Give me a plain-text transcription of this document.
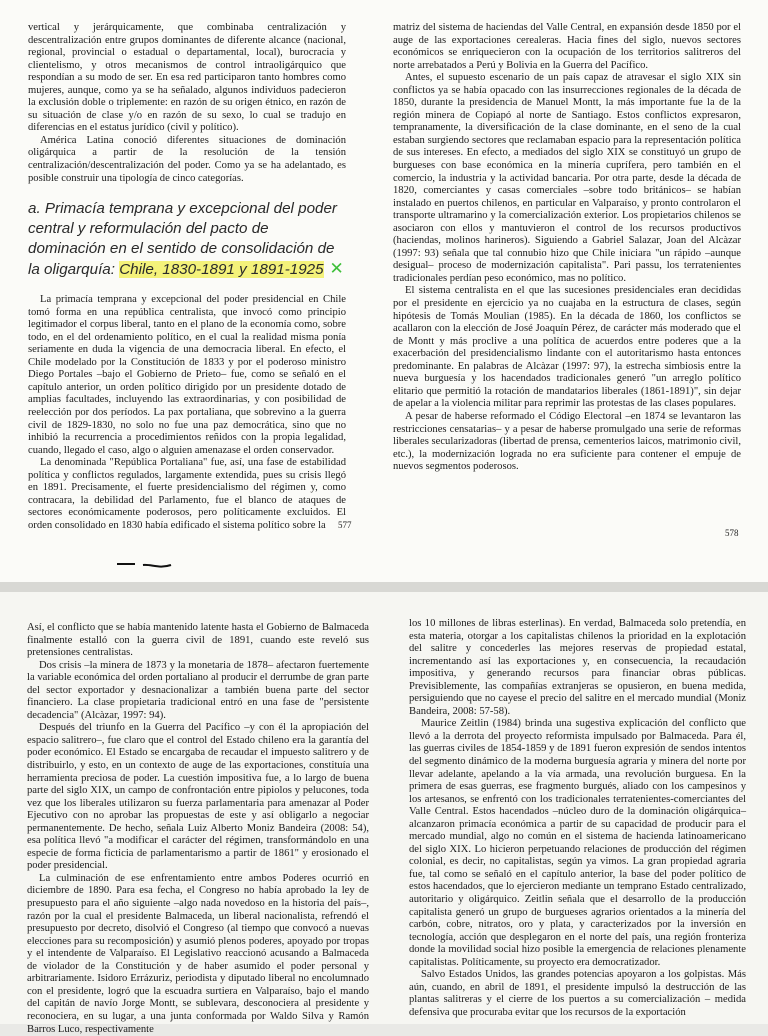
vertical y jerárquicamente, que combinaba centralización y descentralización entre grupos dominantes de diferente alcance (nacional, regional, provincial o estadual o departamental, local), burocracia y clientelismo, y otros mecanismos de control intraoligárquico que respondían a su modo de ser. En esa red participaron tanto hombres como mujeres, aunque, como ya se ha señalado, algunos individuos padecieron la exclusión doble o triplemente: en razón de su origen étnico, en razón de su situación de clase y/o en razón de su sexo, lo cual se tradujo en diferencias en el estatus jurídico (civil y político).

América Latina conoció diferentes situaciones de dominación oligárquica a partir de la resolución de la tensión centralización/descentralización del poder. Como ya se ha adelantado, es posible construir una tipología de cinco categorías.

a. Primacía temprana y excepcional del poder central y reformulación del pacto de dominación en el sentido de consolidación de la oligarquía: Chile, 1830-1891 y 1891-1925 ✕

La primacía temprana y excepcional del poder presidencial en Chile tomó forma en una república centralista, que invocó como principio legitimador el corpus liberal, tanto en el plano de la economía como, sobre todo, en el del ordenamiento político, en el cual la realidad misma ponía seriamente en duda la vigencia de una democracia liberal. En efecto, el Chile modelado por la Constitución de 1833 y por el poderoso ministro Diego Portales –bajo el Gobierno de Prieto– fue, como se señaló en el capítulo anterior, un orden político dirigido por un presidente dotado de amplias facultades, incluyendo las extraordinarias, y con posibilidad de reelección por dos períodos. La pax portaliana, que sobrevino a la guerra civil de 1829-1830, no solo no fue una paz democrática, sino que no inhibió la recurrencia a procedimientos reñidos con la propia legalidad, cuando, llegado el caso, algo o alguien amenazase el orden conservador.

La denominada "República Portaliana" fue, así, una fase de estabilidad política y conflictos regulados, largamente extendida, pues su crisis llegó en 1891. Precisamente, el fuerte presidencialismo del régimen y, como contracara, la debilidad del Parlamento, fue el blanco de ataques de sectores económicamente poderosos, pero políticamente excluidos. El orden consolidado en 1830 había edificado el sistema político sobre la	577

matriz del sistema de haciendas del Valle Central, en expansión desde 1850 por el auge de las exportaciones cerealeras. Hacia fines del siglo, nuevos sectores económicos se enriquecieron con la ocupación de los territorios salitreros del norte arrebatados a Perú y Bolivia en la Guerra del Pacífico.

Antes, el supuesto escenario de un país capaz de atravesar el siglo XIX sin conflictos ya se había opacado con las insurrecciones regionales de la década de 1850, durante la presidencia de Manuel Montt, la más importante fue la de la región minera de Copiapó al norte de Santiago. Estos conflictos expresaron, tempranamente, la diversificación de la clase dominante, en el seno de la cual estaban surgiendo sectores que reclamaban espacio para la representación política de sus intereses. En efecto, a mediados del siglo XIX se constituyó un grupo de burgueses con base económica en la minería cuprífera, pero también en el comercio, la industria y la actividad bancaria. Por otra parte, desde la década de 1820, comerciantes y casas comerciales –sobre todo británicos– se habían instalado en puertos chilenos, en particular en Valparaíso, y pronto controlaron el transporte ultramarino y la comercialización exterior. Los propietarios chilenos se asociaron con ellos y mantuvieron el control de los recursos productivos (haciendas, molinos harineros). Siguiendo a Gabriel Salazar, Joan del Alcàzar (1997: 93) señala que tal connubio hizo que Chile iniciara "un rápido –aunque desigual– proceso de modernización capitalista". Pari passu, los terratenientes tradicionales perdían peso económico, mas no político.

El sistema centralista en el que las sucesiones presidenciales eran decididas por el presidente en ejercicio ya no cuajaba en la estructura de clases, según hipótesis de Tomás Moulian (1985). En la década de 1860, los conflictos se acallaron con la elección de José Joaquín Pérez, de carácter más moderado que el de Montt y más proclive a una política de acuerdos entre poderes que a la exacerbación del presidencialismo lindante con el autoritarismo hasta entonces predominante. En palabras de Alcàzar (1997: 97), la estrecha simbiosis entre la nueva burguesía y los hacendados tradicionales generó "un arreglo político elitario que permitió la rotación de mandatarios liberales (1861-1891)", sin dejar de apelar a la violencia militar para reprimir las protestas de las clases populares.

A pesar de haberse reformado el Código Electoral –en 1874 se levantaron las restricciones censatarias– y a pesar de haberse promulgado una serie de reformas liberales secularizadoras (libertad de prensa, cementerios laicos, matrimonio civil, etc.), la modernización lograda no era suficiente para contener el empuje de nuevos segmentos poderosos.

578

Así, el conflicto que se había mantenido latente hasta el Gobierno de Balmaceda finalmente estalló con la guerra civil de 1891, cuando este reveló sus pretensiones centralistas.

Dos crisis –la minera de 1873 y la monetaria de 1878– afectaron fuertemente la variable económica del orden portaliano al producir el derrumbe de gran parte del sector exportador y desnacionalizar a también buena parte del sector financiero. La clase propietaria tradicional entró en una fase de "persistente decadencia" (Alcàzar, 1997: 94).

Después del triunfo en la Guerra del Pacífico –y con él la apropiación del espacio salitrero–, fue claro que el control del Estado chileno era la garantía del poder económico. El Estado se encargaba de recaudar el impuesto salitrero y de distribuirlo, y esto, en un contexto de auge de las exportaciones, constituía una herramienta preciosa de poder. La cuestión impositiva fue, a lo largo de buena parte del siglo XIX, un campo de confrontación entre pipiolos y pelucones, toda vez que los liberales utilizaron su fuerza parlamentaria para amenazar al Poder Ejecutivo con no aprobar las propuestas de este y así obligarlo a negociar permanentemente. De hecho, señala Luiz Alberto Moniz Bandeira (2008: 54), esa política llevó "a modificar el carácter del régimen, transformándolo en una especie de forma ficticia de parlamentarismo a partir de 1861" y erosionado el poder presidencial.

La culminación de ese enfrentamiento entre ambos Poderes ocurrió en diciembre de 1890. Para esa fecha, el Congreso no había aprobado la ley de presupuesto para el año siguiente –algo nada novedoso en la historia del país–, razón por la cual el presidente Balmaceda, un liberal nacionalista, refrendó el presupuesto por decreto, disolvió el Congreso (al tiempo que convocó a nuevas elecciones para su recomposición) y asumió plenos poderes, apoyado por tropas y el intendente de Valparaíso. El Legislativo reaccionó acusando a Balmaceda de violador de la Constitución y de haber asumido el poder personal y arbitrariamente. Isidoro Errázuriz, periodista y diputado liberal no encolumnado con el presidente, logró que la escuadra surtiera en Valparaíso, bajo el mando del capitán de navío Jorge Montt, se sublevara, desconociera al presidente y reconociera, en su lugar, a una junta conformada por Waldo Silva y Ramón Barros Luco, respectivamente

los 10 millones de libras esterlinas). En verdad, Balmaceda solo pretendía, en esta materia, otorgar a los capitalistas chilenos la prioridad en la explotación del salitre y concederles las mejores reservas de propiedad estatal, incrementando así las exportaciones y, en consecuencia, la recaudación impositiva, y generando recursos para financiar obras públicas. Previsiblemente, las compañías extranjeras se opusieron, en buena medida, persiguiendo que no cayese el precio del salitre en el mercado mundial (Moniz Bandeira, 2008: 57-58).

Maurice Zeitlin (1984) brinda una sugestiva explicación del conflicto que llevó a la derrota del proyecto reformista impulsado por Balmaceda. Para él, las guerras civiles de 1854-1859 y de 1891 fueron expresión de sendos intentos del segmento dinámico de la moderna burguesía agraria y minera del norte por llevar adelante, apelando a la vía armada, una revolución burguesa. En la primera de esas guerras, ese fragmento burgués, aliado con los campesinos y los artesanos, se enfrentó con los tradicionales terratenientes-comerciantes del Valle Central. Estos hacendados –núcleo duro de la dominación oligárquica– alcanzaron primacía económica a partir de su capacidad de producir para el mercado mundial, algo no común en el sistema de hacienda latinoamericano del siglo XIX. Lo hicieron perpetuando relaciones de producción del régimen colonial, es decir, no capitalistas, según ya vimos. La gran propiedad agraria fue, tal como se señaló en el capítulo anterior, la base del poder político de estos hacendados, que lo ejercieron mediante un temprano Estado centralizado, autoritario y oligárquico. Zeitlin señala que el desarrollo de la producción capitalista generó un grupo de burgueses agrarios orientados a la minería del carbón, cobre, nitratos, oro y plata, y caracterizados por la inversión en tecnología, acción que desplegaron en el norte del país, una región fronteriza donde la movilidad social hizo posible la emergencia de relaciones plenamente capitalistas. Políticamente, su proyecto era democratizador.

Salvo Estados Unidos, las grandes potencias apoyaron a los golpistas. Más aún, cuando, en abril de 1891, el presidente impulsó la destrucción de las plantas salitreras y el cierre de los puertos a su comercialización – medida defensiva que procuraba evitar que los recursos de la exportación
